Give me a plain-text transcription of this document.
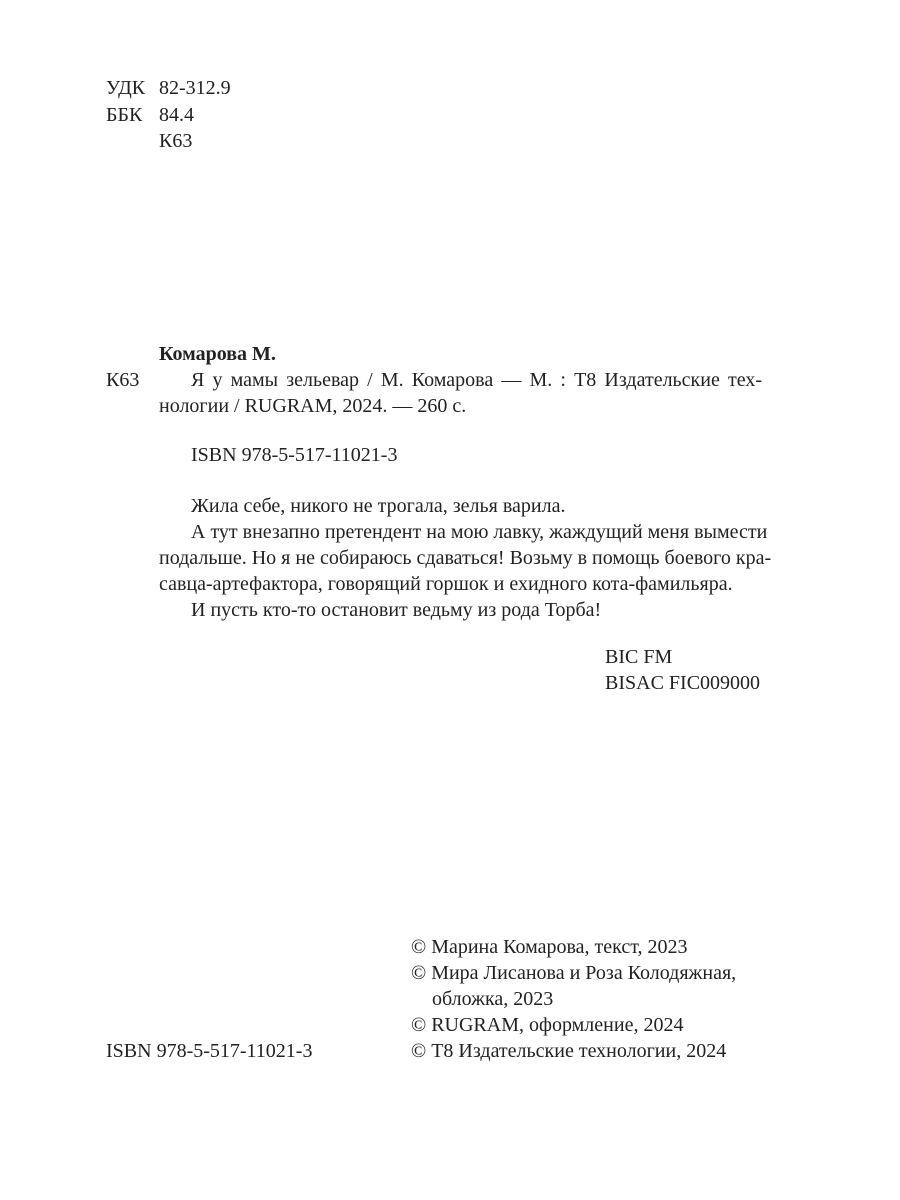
УДК 82-312.9
ББК 84.4
К63
Комарова М.
К63	Я у мамы зельевар / М. Комарова — М. : Т8 Издательские тех-
нологии / RUGRAM, 2024. — 260 с.
ISBN 978-5-517-11021-3
Жила себе, никого не трогала, зелья варила.
А тут внезапно претендент на мою лавку, жаждущий меня вымести
подальше. Но я не собираюсь сдаваться! Возьму в помощь боевого кра-
савца-артефактора, говорящий горшок и ехидного кота-фамильяра.
И пусть кто-то остановит ведьму из рода Торба!
BIC FM
BISAC FIC009000
© Марина Комарова, текст, 2023
© Мира Лисанова и Роза Колодяжная,
обложка, 2023
© RUGRAM, оформление, 2024
ISBN 978-5-517-11021-3	© Т8 Издательские технологии, 2024
